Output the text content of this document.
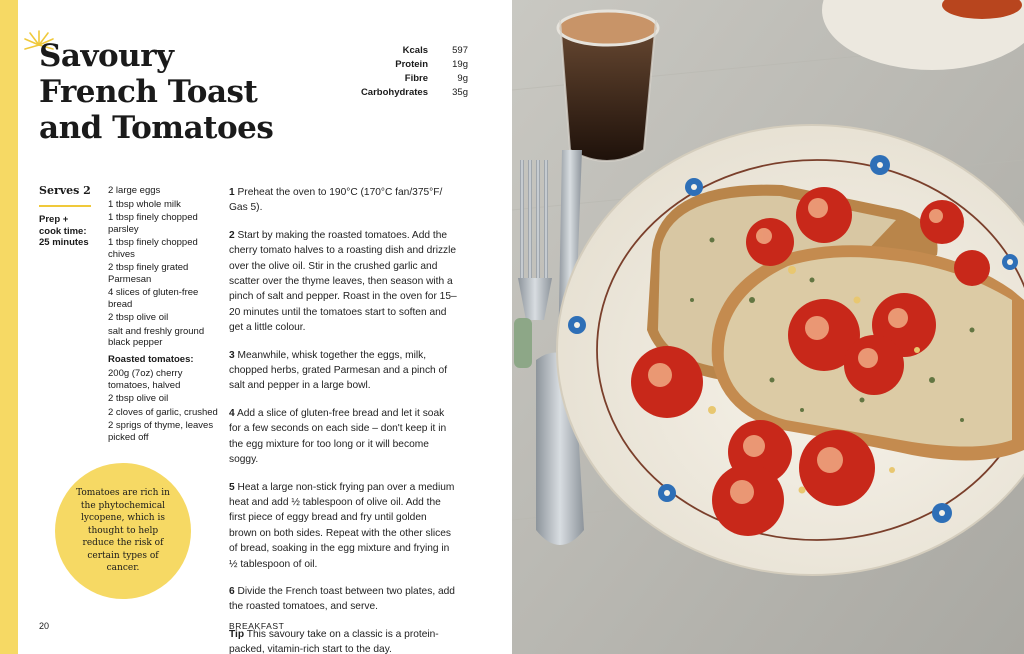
Savoury
French Toast
and Tomatoes
Kcals	597
Protein	19g
Fibre	9g
Carbohydrates	35g
Serves 2
Prep + cook time: 25 minutes
2 large eggs
1 tbsp whole milk
1 tbsp finely chopped parsley
1 tbsp finely chopped chives
2 tbsp finely grated Parmesan
4 slices of gluten-free bread
2 tbsp olive oil
salt and freshly ground black pepper
Roasted tomatoes:
200g (7oz) cherry tomatoes, halved
2 tbsp olive oil
2 cloves of garlic, crushed
2 sprigs of thyme, leaves picked off

1 Preheat the oven to 190°C (170°C fan/375°F/ Gas 5).

2 Start by making the roasted tomatoes. Add the cherry tomato halves to a roasting dish and drizzle over the olive oil. Stir in the crushed garlic and scatter over the thyme leaves, then season with a pinch of salt and pepper. Roast in the oven for 15–20 minutes until the tomatoes start to soften and get a little colour.

3 Meanwhile, whisk together the eggs, milk, chopped herbs, grated Parmesan and a pinch of salt and pepper in a large bowl.

4 Add a slice of gluten-free bread and let it soak for a few seconds on each side – don't keep it in the egg mixture for too long or it will become soggy.

5 Heat a large non-stick frying pan over a medium heat and add ½ tablespoon of olive oil. Add the first piece of eggy bread and fry until golden brown on both sides. Repeat with the other slices of bread, soaking in the egg mixture and frying in ½ tablespoon of oil.

6 Divide the French toast between two plates, add the roasted tomatoes, and serve.

Tip This savoury take on a classic is a protein-packed, vitamin-rich start to the day.

Tomatoes are rich in the phytochemical lycopene, which is thought to help reduce the risk of certain types of cancer.
20	BREAKFAST
